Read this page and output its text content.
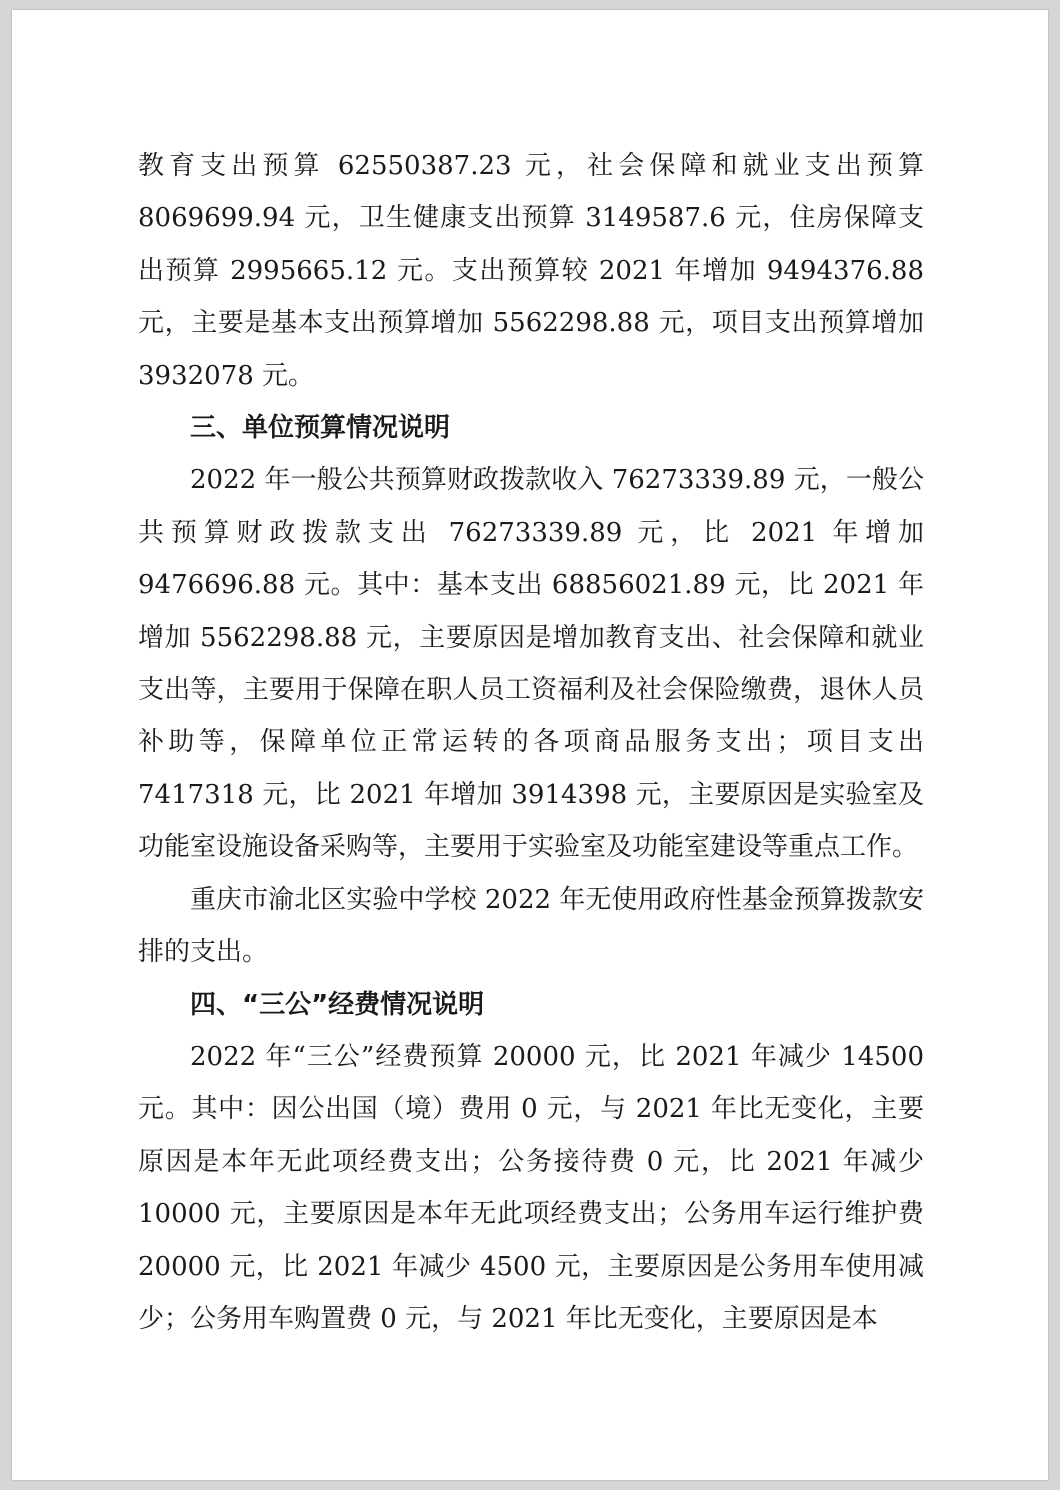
教育支出预算 62550387.23 元，社会保障和就业支出预算 8069699.94 元，卫生健康支出预算 3149587.6 元，住房保障支出预算 2995665.12 元。支出预算较 2021 年增加 9494376.88 元，主要是基本支出预算增加 5562298.88 元，项目支出预算增加 3932078 元。

三、单位预算情况说明

2022 年一般公共预算财政拨款收入 76273339.89 元，一般公共预算财政拨款支出 76273339.89 元，比 2021 年增加 9476696.88 元。其中：基本支出 68856021.89 元，比 2021 年增加 5562298.88 元，主要原因是增加教育支出、社会保障和就业支出等，主要用于保障在职人员工资福利及社会保险缴费，退休人员补助等，保障单位正常运转的各项商品服务支出；项目支出 7417318 元，比 2021 年增加 3914398 元，主要原因是实验室及功能室设施设备采购等，主要用于实验室及功能室建设等重点工作。

重庆市渝北区实验中学校 2022 年无使用政府性基金预算拨款安排的支出。

四、“三公”经费情况说明

2022 年“三公”经费预算 20000 元，比 2021 年减少 14500 元。其中：因公出国（境）费用 0 元，与 2021 年比无变化，主要原因是本年无此项经费支出；公务接待费 0 元，比 2021 年减少 10000 元，主要原因是本年无此项经费支出；公务用车运行维护费 20000 元，比 2021 年减少 4500 元，主要原因是公务用车使用减少；公务用车购置费 0 元，与 2021 年比无变化，主要原因是本
